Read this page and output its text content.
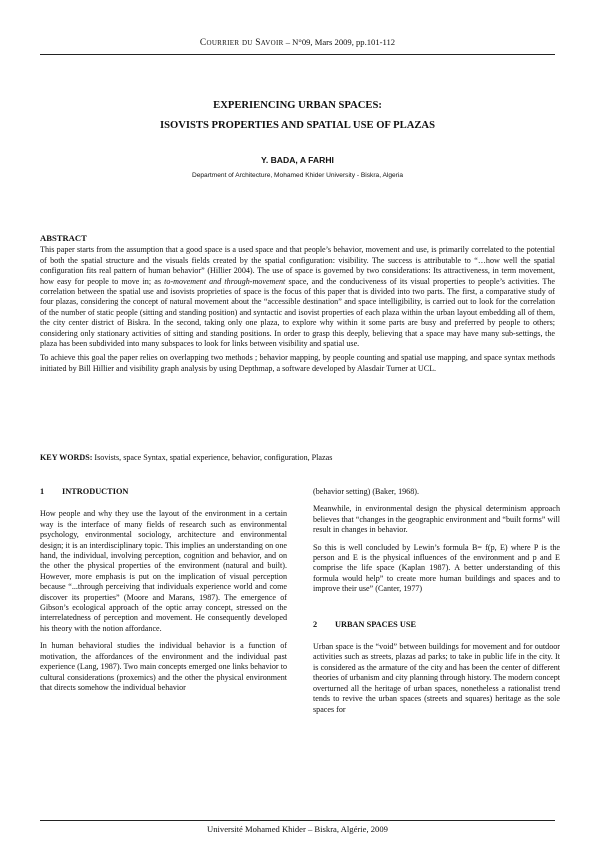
Courrier du Savoir – N°09, Mars 2009, pp.101-112
EXPERIENCING URBAN SPACES:
ISOVISTS PROPERTIES AND SPATIAL USE OF PLAZAS
Y. BADA, A FARHI
Department of Architecture, Mohamed Khider University - Biskra, Algeria
ABSTRACT

This paper starts from the assumption that a good space is a used space and that people’s behavior, movement and use, is primarily correlated to the potential of both the spatial structure and the visuals fields created by the spatial configuration: visibility. The success is attributable to “…how well the spatial configuration fits real pattern of human behavior” (Hillier 2004). The use of space is governed by two considerations: Its attractiveness, in term movement, how easy for people to move in; as to-movement and through-movement space, and the conduciveness of its visual properties to people’s activities. The correlation between the spatial use and isovists proprieties of space is the focus of this paper that is divided into two parts. The first, a comparative study of four plazas, considering the concept of natural movement about the “accessible destination” and space intelligibility, is carried out to look for the correlation of the number of static people (sitting and standing position) and syntactic and isovist properties of each plaza within the urban layout embedding all of them, the city center district of Biskra. In the second, taking only one plaza, to explore why within it some parts are busy and preferred by people to others; considering only stationary activities of sitting and standing positions. In order to grasp this deeply, believing that a space may have many sub-settings, the plaza has been subdivided into many subspaces to look for links between visibility and spatial use.

To achieve this goal the paper relies on overlapping two methods ; behavior mapping, by people counting and spatial use mapping, and space syntax methods initiated by Bill Hillier and visibility graph analysis by using Depthmap, a software developed by Alasdair Turner at UCL.

KEY WORDS: Isovists, space Syntax, spatial experience, behavior, configuration, Plazas
1 INTRODUCTION

How people and why they use the layout of the environment in a certain way is the interface of many fields of research such as environmental psychology, environmental sociology, architecture and environmental design; it is an interdisciplinary topic. This implies an understanding on one hand, the individual, involving perception, cognition and behavior, and on the other the physical properties of the environment (natural and built). However, more emphasis is put on the implication of visual perception because “...through perceiving that individuals experience world and come discover its properties” (Moore and Marans, 1987). The emergence of Gibson’s ecological approach of the optic array concept, stressed on the interrelatedness of perception and movement. He consequently developed his theory with the notion affordance.

In human behavioral studies the individual behavior is a function of motivation, the affordances of the environment and the individual past experience (Lang, 1987). Two main concepts emerged one links behavior to cultural considerations (proxemics) and the other the physical environment that directs somehow the individual behavior

(behavior setting) (Baker, 1968).

Meanwhile, in environmental design the physical determinism approach believes that “changes in the geographic environment and “built forms” will result in changes in behavior.

So this is well concluded by Lewin’s formula B= f(p, E) where P is the person and E is the physical influences of the environment and p and E comprise the life space (Kaplan 1987). A better understanding of this formula would help” to create more human buildings and spaces and to improve their use” (Canter, 1977)

2 URBAN SPACES USE

Urban space is the “void” between buildings for movement and for outdoor activities such as streets, plazas ad parks; to take in public life in the city. It is considered as the armature of the city and has been the center of different theories of urbanism and city planning through history. The modern concept overturned all the heritage of urban spaces, nonetheless a rationalist trend tends to revive the urban spaces (streets and squares) heritage as the sole spaces for

Université Mohamed Khider – Biskra, Algérie, 2009
